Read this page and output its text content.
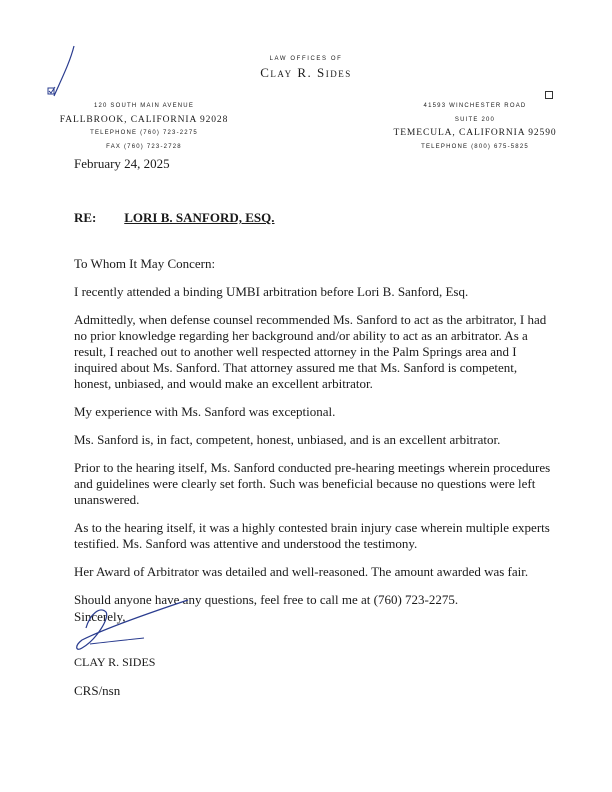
LAW OFFICES OF
Clay R. Sides
120 SOUTH MAIN AVENUE
FALLBROOK, CALIFORNIA 92028
TELEPHONE (760) 723-2275
FAX (760) 723-2728
41593 WINCHESTER ROAD
SUITE 200
TEMECULA, CALIFORNIA 92590
TELEPHONE (800) 675-5825
February 24, 2025
RE: LORI B. SANFORD, ESQ.

To Whom It May Concern:

I recently attended a binding UMBI arbitration before Lori B. Sanford, Esq.

Admittedly, when defense counsel recommended Ms. Sanford to act as the arbitrator, I had no prior knowledge regarding her background and/or ability to act as an arbitrator. As a result, I reached out to another well respected attorney in the Palm Springs area and I inquired about Ms. Sanford. That attorney assured me that Ms. Sanford is competent, honest, unbiased, and would make an excellent arbitrator.

My experience with Ms. Sanford was exceptional.

Ms. Sanford is, in fact, competent, honest, unbiased, and is an excellent arbitrator.

Prior to the hearing itself, Ms. Sanford conducted pre-hearing meetings wherein procedures and guidelines were clearly set forth. Such was beneficial because no questions were left unanswered.

As to the hearing itself, it was a highly contested brain injury case wherein multiple experts testified. Ms. Sanford was attentive and understood the testimony.

Her Award of Arbitrator was detailed and well-reasoned. The amount awarded was fair.

Should anyone have any questions, feel free to call me at (760) 723-2275.

Sincerely,
CLAY R. SIDES
CRS/nsn
